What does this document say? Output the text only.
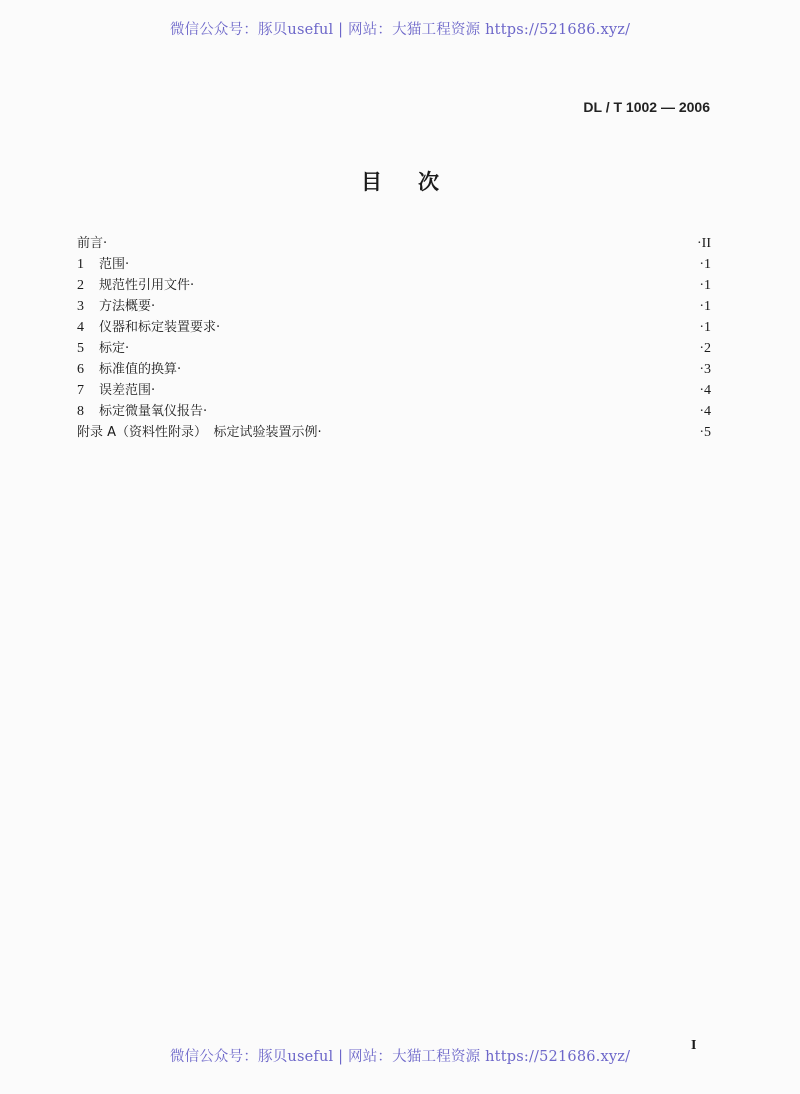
微信公众号：豚贝useful | 网站：大猫工程资源 https://521686.xyz/
DL / T 1002 — 2006
目次
前言·	·II
1	范围·	·1
2	规范性引用文件·	·1
3	方法概要·	·1
4	仪器和标定装置要求·	·1
5	标定·	·2
6	标准值的换算·	·3
7	误差范围·	·4
8	标定微量氧仪报告·	·4
附录 A（资料性附录）　标定试验装置示例·	·5
微信公众号：豚贝useful | 网站：大猫工程资源 https://521686.xyz/
I
